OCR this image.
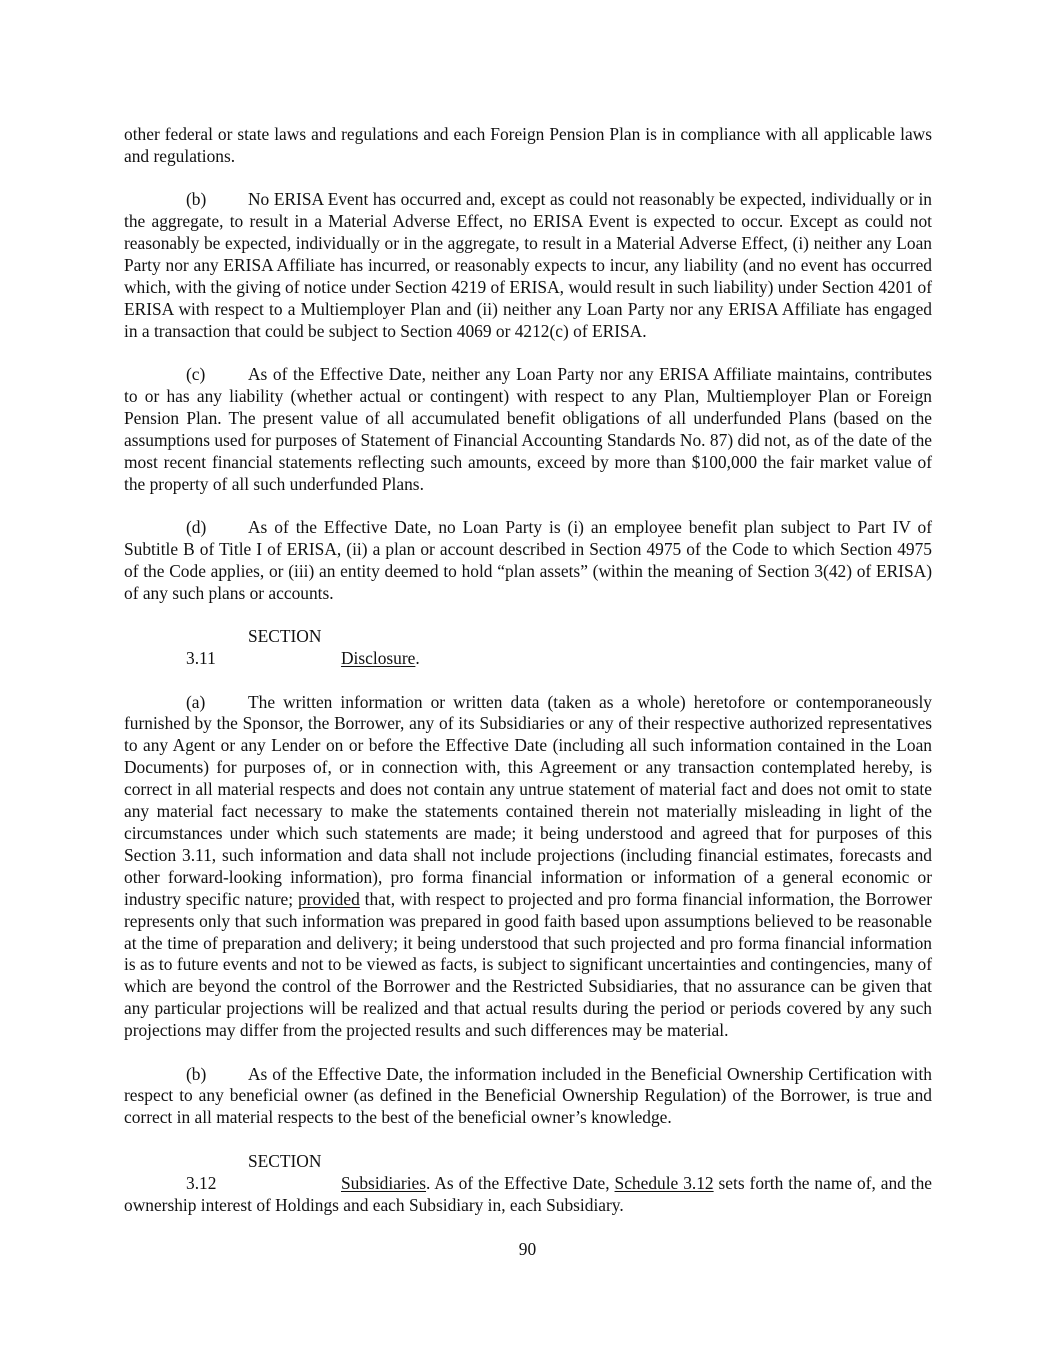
other federal or state laws and regulations and each Foreign Pension Plan is in compliance with all applicable laws and regulations.

(b) No ERISA Event has occurred and, except as could not reasonably be expected, individually or in the aggregate, to result in a Material Adverse Effect, no ERISA Event is expected to occur. Except as could not reasonably be expected, individually or in the aggregate, to result in a Material Adverse Effect, (i) neither any Loan Party nor any ERISA Affiliate has incurred, or reasonably expects to incur, any liability (and no event has occurred which, with the giving of notice under Section 4219 of ERISA, would result in such liability) under Section 4201 of ERISA with respect to a Multiemployer Plan and (ii) neither any Loan Party nor any ERISA Affiliate has engaged in a transaction that could be subject to Section 4069 or 4212(c) of ERISA.

(c) As of the Effective Date, neither any Loan Party nor any ERISA Affiliate maintains, contributes to or has any liability (whether actual or contingent) with respect to any Plan, Multiemployer Plan or Foreign Pension Plan. The present value of all accumulated benefit obligations of all underfunded Plans (based on the assumptions used for purposes of Statement of Financial Accounting Standards No. 87) did not, as of the date of the most recent financial statements reflecting such amounts, exceed by more than $100,000 the fair market value of the property of all such underfunded Plans.

(d) As of the Effective Date, no Loan Party is (i) an employee benefit plan subject to Part IV of Subtitle B of Title I of ERISA, (ii) a plan or account described in Section 4975 of the Code to which Section 4975 of the Code applies, or (iii) an entity deemed to hold “plan assets” (within the meaning of Section 3(42) of ERISA) of any such plans or accounts.

SECTION 3.11	Disclosure.

(a) The written information or written data (taken as a whole) heretofore or contemporaneously furnished by the Sponsor, the Borrower, any of its Subsidiaries or any of their respective authorized representatives to any Agent or any Lender on or before the Effective Date (including all such information contained in the Loan Documents) for purposes of, or in connection with, this Agreement or any transaction contemplated hereby, is correct in all material respects and does not contain any untrue statement of material fact and does not omit to state any material fact necessary to make the statements contained therein not materially misleading in light of the circumstances under which such statements are made; it being understood and agreed that for purposes of this Section 3.11, such information and data shall not include projections (including financial estimates, forecasts and other forward-looking information), pro forma financial information or information of a general economic or industry specific nature; provided that, with respect to projected and pro forma financial information, the Borrower represents only that such information was prepared in good faith based upon assumptions believed to be reasonable at the time of preparation and delivery; it being understood that such projected and pro forma financial information is as to future events and not to be viewed as facts, is subject to significant uncertainties and contingencies, many of which are beyond the control of the Borrower and the Restricted Subsidiaries, that no assurance can be given that any particular projections will be realized and that actual results during the period or periods covered by any such projections may differ from the projected results and such differences may be material.

(b) As of the Effective Date, the information included in the Beneficial Ownership Certification with respect to any beneficial owner (as defined in the Beneficial Ownership Regulation) of the Borrower, is true and correct in all material respects to the best of the beneficial owner’s knowledge.

SECTION 3.12	Subsidiaries. As of the Effective Date, Schedule 3.12 sets forth the name of, and the ownership interest of Holdings and each Subsidiary in, each Subsidiary.

90
